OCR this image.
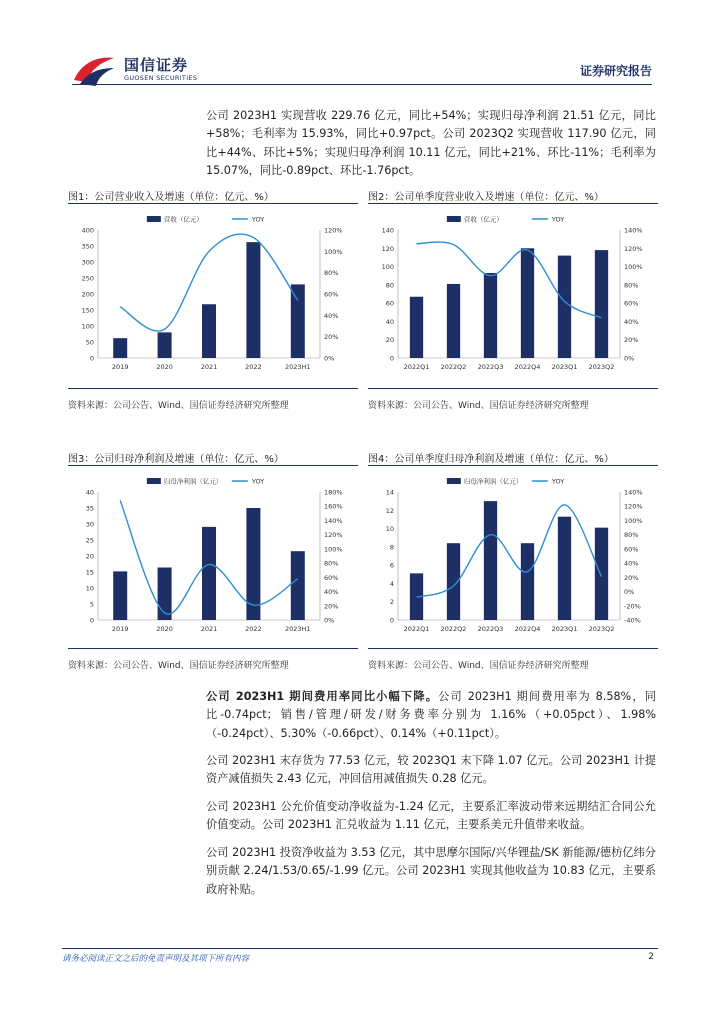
国信证券
GUOSEN SECURITIES	证券研究报告
公司 2023H1 实现营收 229.76 亿元，同比+54%；实现归母净利润 21.51 亿元，同比+58%；毛利率为 15.93%，同比+0.97pct。公司 2023Q2 实现营收 117.90 亿元，同比+44%、环比+5%；实现归母净利润 10.11 亿元，同比+21%、环比-11%；毛利率为 15.07%，同比-0.89pct、环比-1.76pct。
图1：公司营业收入及增速（单位：亿元、%）
0
50
100
150
200
250
300
350
400
0%
20%
40%
60%
80%
100%
120%
2019	2020	2021	2022	2023H1
营收（亿元）	YOY
资料来源：公司公告、Wind、国信证券经济研究所整理
图2：公司单季度营业收入及增速（单位：亿元、%）
0
20
40
60
80
100
120
140
0%
20%
40%
60%
80%
100%
120%
140%
2022Q1 2022Q2 2022Q3 2022Q4 2023Q1 2023Q2
营收（亿元）	YOY
资料来源：公司公告、Wind、国信证券经济研究所整理
图3：公司归母净利润及增速（单位：亿元、%）
0
5
10
15
20
25
30
35
40
0%
20%
40%
60%
80%
100%
120%
140%
160%
180%
2019	2020	2021	2022	2023H1
归母净利润（亿元）	YOY
资料来源：公司公告、Wind、国信证券经济研究所整理
图4：公司单季度归母净利润及增速（单位：亿元、%）
0
2
4
6
8
10
12
14
-40%
-20%
0%
20%
40%
60%
80%
100%
120%
140%
2022Q1 2022Q2 2022Q3 2022Q4 2023Q1 2023Q2
归母净利润（亿元）	YOY
资料来源：公司公告、Wind、国信证券经济研究所整理
公司 2023H1 期间费用率同比小幅下降。公司 2023H1 期间费用率为 8.58%，同比-0.74pct；销售/管理/研发/财务费率分别为 1.16%（+0.05pct）、1.98%（-0.24pct）、5.30%（-0.66pct）、0.14%（+0.11pct）。
公司 2023H1 末存货为 77.53 亿元，较 2023Q1 末下降 1.07 亿元。公司 2023H1 计提资产减值损失 2.43 亿元，冲回信用减值损失 0.28 亿元。
公司 2023H1 公允价值变动净收益为-1.24 亿元，主要系汇率波动带来远期结汇合同公允价值变动。公司 2023H1 汇兑收益为 1.11 亿元，主要系美元升值带来收益。
公司 2023H1 投资净收益为 3.53 亿元，其中思摩尔国际/兴华锂盐/SK 新能源/德枋亿纬分别贡献 2.24/1.53/0.65/-1.99 亿元。公司 2023H1 实现其他收益为 10.83 亿元，主要系政府补贴。
请务必阅读正文之后的免责声明及其项下所有内容	2
